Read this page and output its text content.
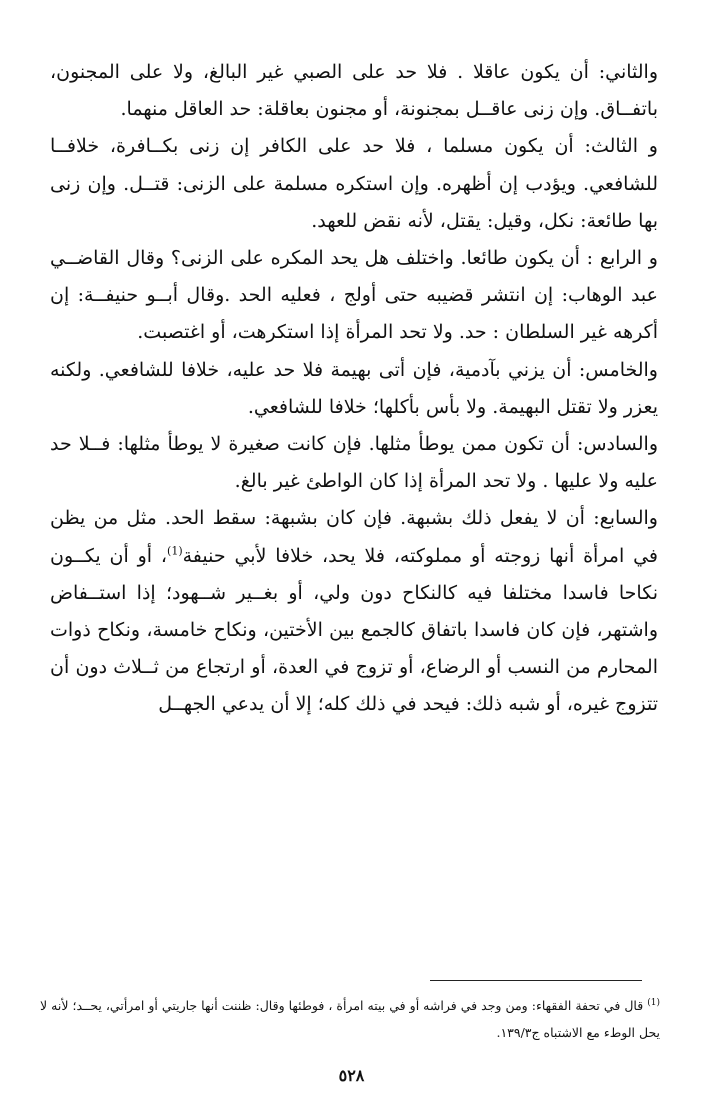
والثاني: أن يكون عاقلا . فلا حد على الصبي غير البالغ، ولا على المجنون، باتفــاق. وإن زنى عاقــل بمجنونة، أو مجنون بعاقلة: حد العاقل منهما.

و الثالث: أن يكون مسلما ، فلا حد على الكافر إن زنى بكــافرة، خلافــا للشافعي. ويؤدب إن أظهره. وإن استكره مسلمة على الزنى: قتــل. وإن زنى بها طائعة: نكل، وقيل: يقتل، لأنه نقض للعهد.

و الرابع : أن يكون طائعا. واختلف هل يحد المكره على الزنى؟ وقال القاضــي عبد الوهاب: إن انتشر قضيبه حتى أولج ، فعليه الحد .وقال أبــو حنيفــة: إن أكرهه غير السلطان : حد. ولا تحد المرأة إذا استكرهت، أو اغتصبت.

والخامس: أن يزني بآدمية، فإن أتى بهيمة فلا حد عليه، خلافا للشافعي. ولكنه يعزر ولا تقتل البهيمة. ولا بأس بأكلها؛ خلافا للشافعي.

والسادس: أن تكون ممن يوطأ مثلها. فإن كانت صغيرة لا يوطأ مثلها: فــلا حد عليه ولا عليها . ولا تحد المرأة إذا كان الواطئ غير بالغ.

والسابع: أن لا يفعل ذلك بشبهة. فإن كان بشبهة: سقط الحد. مثل من يظن في امرأة أنها زوجته أو مملوكته، فلا يحد، خلافا لأبي حنيفة$^{(1)}$، أو أن يكــون نكاحا فاسدا مختلفا فيه كالنكاح دون ولي، أو بغــير شــهود؛ إذا استــفاض واشتهر، فإن كان فاسدا باتفاق كالجمع بين الأختين، ونكاح خامسة، ونكاح ذوات المحارم من النسب أو الرضاع، أو تزوج في العدة، أو ارتجاع من ثــلاث دون أن تتزوج غيره، أو شبه ذلك: فيحد في ذلك كله؛ إلا أن يدعي الجهــل

$^{(1)}$ قال في تحفة الفقهاء: ومن وجد في فراشه أو في بيته امرأة ، فوطئها وقال: ظننت أنها جاريتي أو امرأتي، يحــد؛ لأنه لا يحل الوطء مع الاشتباه ج١٣٩/٣.
٥٢٨
